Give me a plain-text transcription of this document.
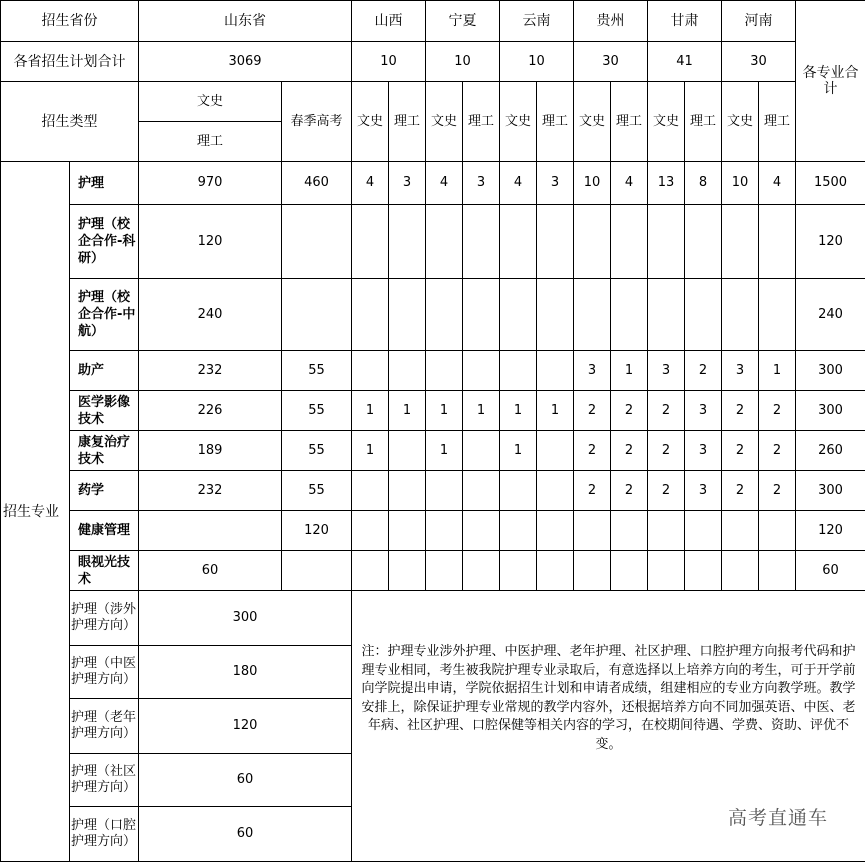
招生省份		山东省		山西		宁夏		云南		贵州		甘肃		河南		各专业合计
各省招生计划合计		3069		10		10		10		30		41		30		
招生类型		文史	春季高考	文史	理工	文史	理工	文史	理工	文史	理工	文史	理工	文史	理工	
		理工														
招生专业	护理	970	460	4	3	4	3	4	3	10	4	13	8	10	4	1500
	护理（校企合作-科研）	120														120
	护理（校企合作-中航）	240														240
	助产	232	55							3	1	3	2	3	1	300
	医学影像技术	226	55	1	1	1	1	1	1	2	2	2	3	2	2	300
	康复治疗技术	189	55	1		1		1		2	2	2	3	2	2	260
	药学	232	55							2	2	2	3	2	2	300
	健康管理		120													120
	眼视光技术	60														60
	护理（涉外护理方向）	300		注：护理专业涉外护理、中医护理、老年护理、社区护理、口腔护理方向报考代码和护理专业相同，考生被我院护理专业录取后，有意选择以上培养方向的考生，可于开学前向学院提出申请，学院依据招生计划和申请者成绩，组建相应的专业方向教学班。教学安排上，除保证护理专业常规的教学内容外，还根据培养方向不同加强英语、中医、老年病、社区护理、口腔保健等相关内容的学习，在校期间待遇、学费、资助、评优不变。												
	护理（中医护理方向）	180														
	护理（老年护理方向）	120														
	护理（社区护理方向）	60														
	护理（口腔护理方向）	60														
高考直通车
